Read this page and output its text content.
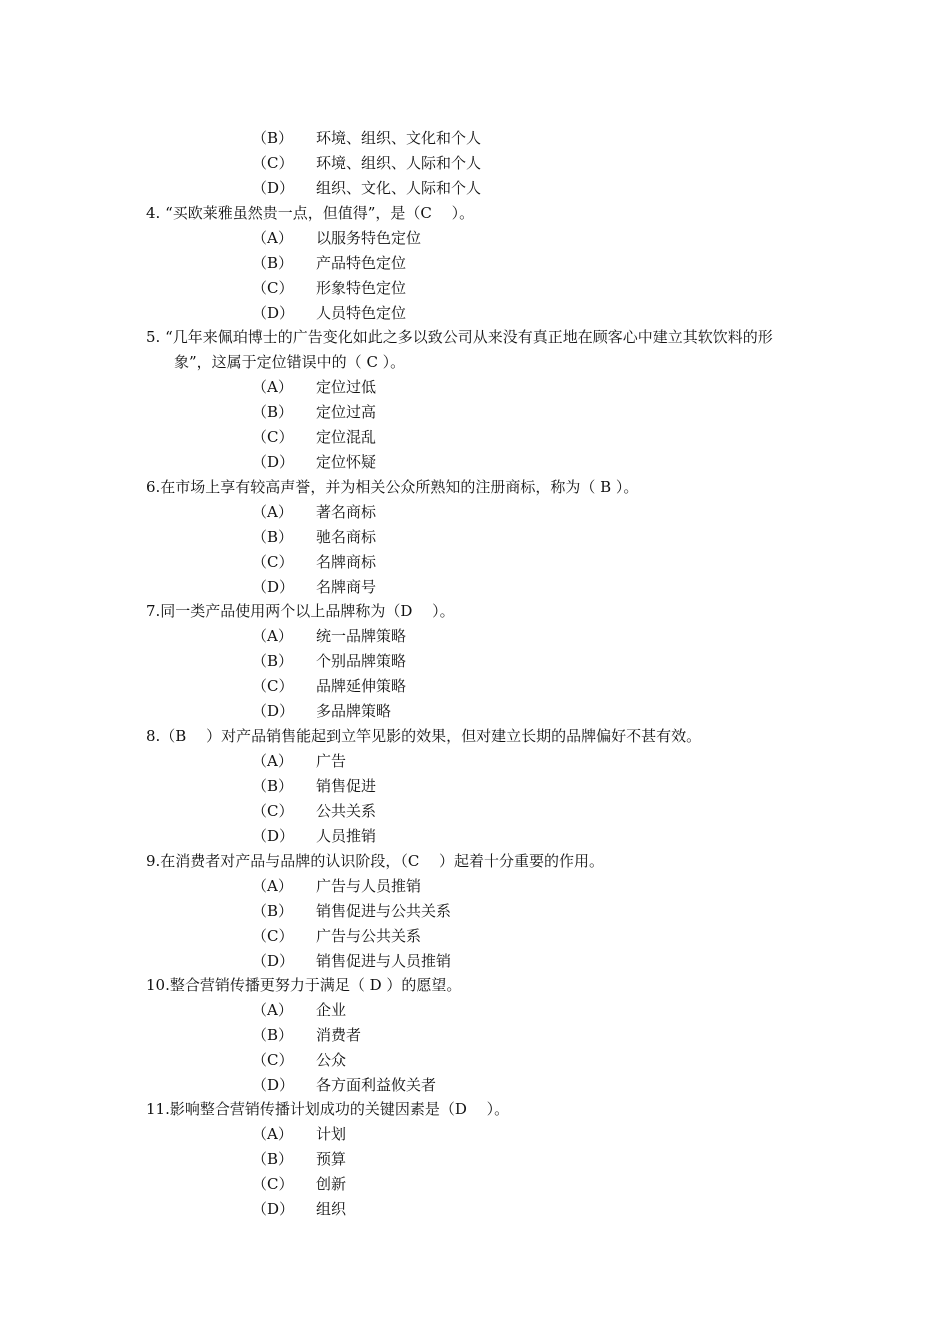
（B） 环境、组织、文化和个人
（C） 环境、组织、人际和个人
（D） 组织、文化、人际和个人
4. “买欧莱雅虽然贵一点，但值得”，是（C　 ）。
（A） 以服务特色定位
（B） 产品特色定位
（C） 形象特色定位
（D） 人员特色定位
5. “几年来佩珀博士的广告变化如此之多以致公司从来没有真正地在顾客心中建立其软饮料的形
象”，这属于定位错误中的（ C ）。
（A） 定位过低
（B） 定位过高
（C） 定位混乱
（D） 定位怀疑
6.在市场上享有较高声誉，并为相关公众所熟知的注册商标，称为（ B ）。
（A） 著名商标
（B） 驰名商标
（C） 名牌商标
（D） 名牌商号
7.同一类产品使用两个以上品牌称为（D　 ）。
（A） 统一品牌策略
（B） 个别品牌策略
（C） 品牌延伸策略
（D） 多品牌策略
8.（B　 ）对产品销售能起到立竿见影的效果，但对建立长期的品牌偏好不甚有效。
（A） 广告
（B） 销售促进
（C） 公共关系
（D） 人员推销
9.在消费者对产品与品牌的认识阶段，（C　 ）起着十分重要的作用。
（A） 广告与人员推销
（B） 销售促进与公共关系
（C） 广告与公共关系
（D） 销售促进与人员推销
10.整合营销传播更努力于满足（ D ）的愿望。
（A） 企业
（B） 消费者
（C） 公众
（D） 各方面利益攸关者
11.影响整合营销传播计划成功的关键因素是（D　 ）。
（A） 计划
（B） 预算
（C） 创新
（D） 组织
